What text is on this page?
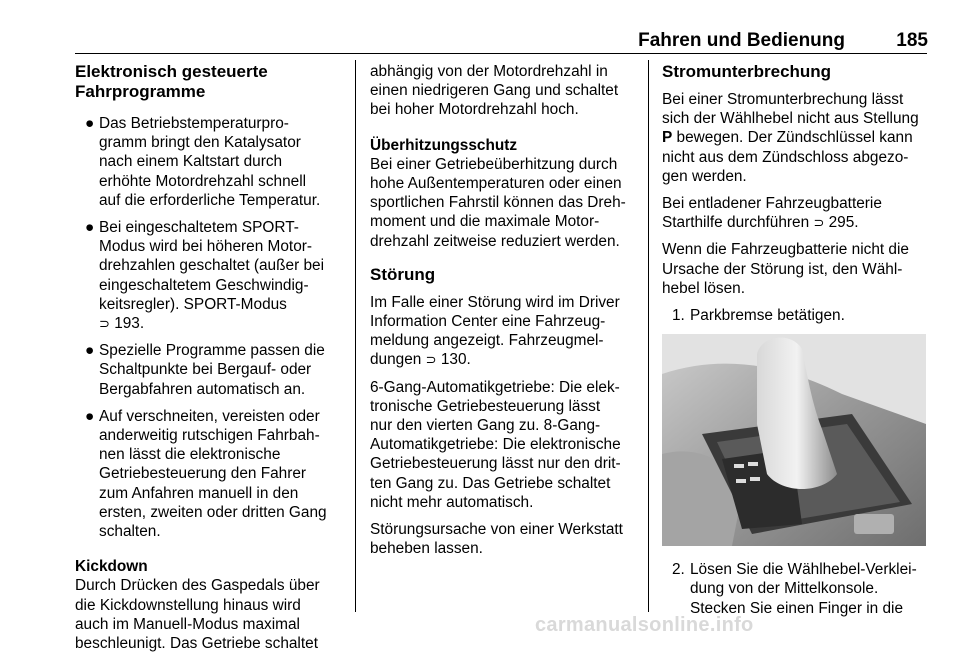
Fahren und Bedienung	185
Elektronisch gesteuerte
Fahrprogramme
● Das Betriebstemperaturpro-
gramm bringt den Katalysator
nach einem Kaltstart durch
erhöhte Motordrehzahl schnell
auf die erforderliche Temperatur.
● Bei eingeschaltetem SPORT-
Modus wird bei höheren Motor-
drehzahlen geschaltet (außer bei
eingeschaltetem Geschwindig-
keitsregler). SPORT-Modus
⊃ 193.
● Spezielle Programme passen die
Schaltpunkte bei Bergauf- oder
Bergabfahren automatisch an.
● Auf verschneiten, vereisten oder
anderweitig rutschigen Fahrbah-
nen lässt die elektronische
Getriebesteuerung den Fahrer
zum Anfahren manuell in den
ersten, zweiten oder dritten Gang
schalten.
Kickdown
Durch Drücken des Gaspedals über
die Kickdownstellung hinaus wird
auch im Manuell-Modus maximal
beschleunigt. Das Getriebe schaltet
abhängig von der Motordrehzahl in
einen niedrigeren Gang und schaltet
bei hoher Motordrehzahl hoch.
Überhitzungsschutz
Bei einer Getriebeüberhitzung durch
hohe Außentemperaturen oder einen
sportlichen Fahrstil können das Dreh-
moment und die maximale Motor-
drehzahl zeitweise reduziert werden.
Störung
Im Falle einer Störung wird im Driver
Information Center eine Fahrzeug-
meldung angezeigt. Fahrzeugmel-
dungen ⊃ 130.
6-Gang-Automatikgetriebe: Die elek-
tronische Getriebesteuerung lässt
nur den vierten Gang zu. 8-Gang-
Automatikgetriebe: Die elektronische
Getriebesteuerung lässt nur den drit-
ten Gang zu. Das Getriebe schaltet
nicht mehr automatisch.
Störungsursache von einer Werkstatt
beheben lassen.
Stromunterbrechung
Bei einer Stromunterbrechung lässt
sich der Wählhebel nicht aus Stellung
P bewegen. Der Zündschlüssel kann
nicht aus dem Zündschloss abgezo-
gen werden.
Bei entladener Fahrzeugbatterie
Starthilfe durchführen ⊃ 295.
Wenn die Fahrzeugbatterie nicht die
Ursache der Störung ist, den Wähl-
hebel lösen.
1. Parkbremse betätigen.
2. Lösen Sie die Wählhebel-Verklei-
dung von der Mittelkonsole.
Stecken Sie einen Finger in die
carmanualsonline.info
